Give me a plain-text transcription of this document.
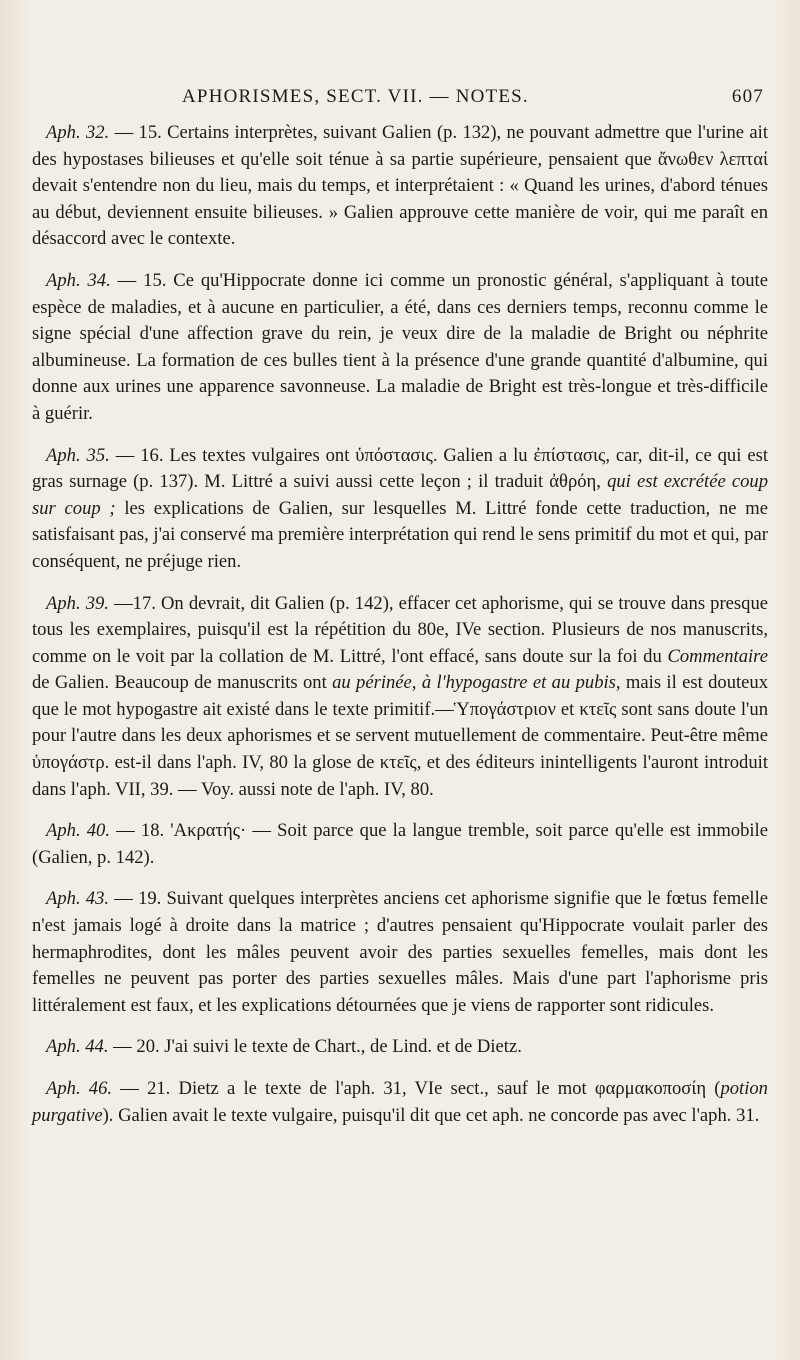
APHORISMES, SECT. VII. — NOTES.	607

Aph. 32. — 15. Certains interprètes, suivant Galien (p. 132), ne pouvant admettre que l'urine ait des hypostases bilieuses et qu'elle soit ténue à sa partie supérieure, pensaient que ἄνωθεν λεπταί devait s'entendre non du lieu, mais du temps, et interprétaient : « Quand les urines, d'abord ténues au début, deviennent ensuite bilieuses. » Galien approuve cette manière de voir, qui me paraît en désaccord avec le contexte.

Aph. 34. — 15. Ce qu'Hippocrate donne ici comme un pronostic général, s'appliquant à toute espèce de maladies, et à aucune en particulier, a été, dans ces derniers temps, reconnu comme le signe spécial d'une affection grave du rein, je veux dire de la maladie de Bright ou néphrite albumineuse. La formation de ces bulles tient à la présence d'une grande quantité d'albumine, qui donne aux urines une apparence savonneuse. La maladie de Bright est très-longue et très-difficile à guérir.

Aph. 35. — 16. Les textes vulgaires ont ὑπόστασις. Galien a lu ἐπίστασις, car, dit-il, ce qui est gras surnage (p. 137). M. Littré a suivi aussi cette leçon ; il traduit ἀθρόη, qui est excrétée coup sur coup ; les explications de Galien, sur lesquelles M. Littré fonde cette traduction, ne me satisfaisant pas, j'ai conservé ma première interprétation qui rend le sens primitif du mot et qui, par conséquent, ne préjuge rien.

Aph. 39. —17. On devrait, dit Galien (p. 142), effacer cet aphorisme, qui se trouve dans presque tous les exemplaires, puisqu'il est la répétition du 80e, IVe section. Plusieurs de nos manuscrits, comme on le voit par la collation de M. Littré, l'ont effacé, sans doute sur la foi du Commentaire de Galien. Beaucoup de manuscrits ont au périnée, à l'hypogastre et au pubis, mais il est douteux que le mot hypogastre ait existé dans le texte primitif.—Ὑπογάστριον et κτεῖς sont sans doute l'un pour l'autre dans les deux aphorismes et se servent mutuellement de commentaire. Peut-être même ὑπογάστρ. est-il dans l'aph. IV, 80 la glose de κτεῖς, et des éditeurs inintelligents l'auront introduit dans l'aph. VII, 39. — Voy. aussi note de l'aph. IV, 80.

Aph. 40. — 18. 'Ακρατής· — Soit parce que la langue tremble, soit parce qu'elle est immobile (Galien, p. 142).

Aph. 43. — 19. Suivant quelques interprètes anciens cet aphorisme signifie que le fœtus femelle n'est jamais logé à droite dans la matrice ; d'autres pensaient qu'Hippocrate voulait parler des hermaphrodites, dont les mâles peuvent avoir des parties sexuelles femelles, mais dont les femelles ne peuvent pas porter des parties sexuelles mâles. Mais d'une part l'aphorisme pris littéralement est faux, et les explications détournées que je viens de rapporter sont ridicules.

Aph. 44. — 20. J'ai suivi le texte de Chart., de Lind. et de Dietz.

Aph. 46. — 21. Dietz a le texte de l'aph. 31, VIe sect., sauf le mot φαρμακοποσίη (potion purgative). Galien avait le texte vulgaire, puisqu'il dit que cet aph. ne concorde pas avec l'aph. 31.
